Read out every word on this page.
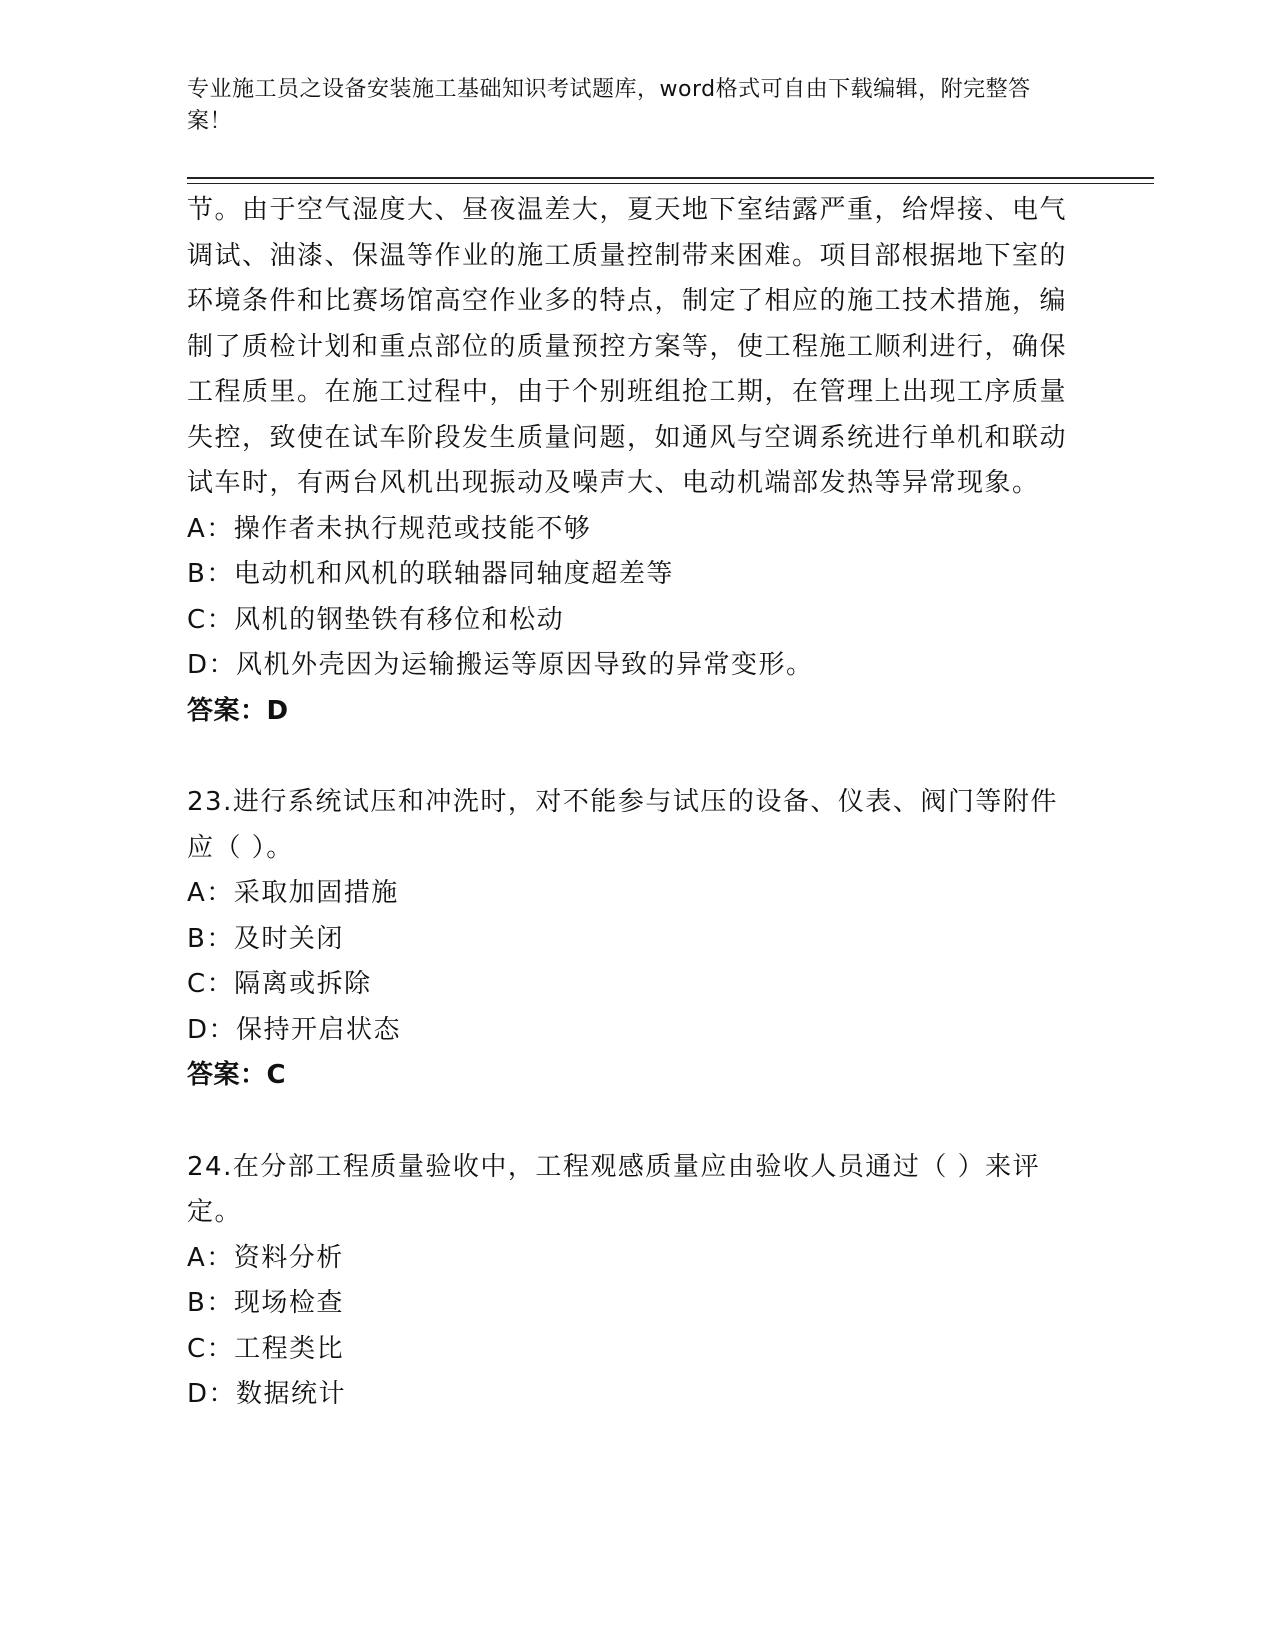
专业施工员之设备安装施工基础知识考试题库，word格式可自由下载编辑，附完整答案！

节。由于空气湿度大、昼夜温差大，夏天地下室结露严重，给焊接、电气调试、油漆、保温等作业的施工质量控制带来困难。项目部根据地下室的环境条件和比赛场馆高空作业多的特点，制定了相应的施工技术措施，编制了质检计划和重点部位的质量预控方案等，使工程施工顺利进行，确保工程质里。在施工过程中，由于个别班组抢工期，在管理上出现工序质量失控，致使在试车阶段发生质量问题，如通风与空调系统进行单机和联动试车时，有两台风机出现振动及噪声大、电动机端部发热等异常现象。

A：操作者未执行规范或技能不够

B：电动机和风机的联轴器同轴度超差等

C：风机的钢垫铁有移位和松动

D：风机外壳因为运输搬运等原因导致的异常变形。

答案：D

23.进行系统试压和冲洗时，对不能参与试压的设备、仪表、阀门等附件应（ ）。

A：采取加固措施

B：及时关闭

C：隔离或拆除

D：保持开启状态

答案：C

24.在分部工程质量验收中，工程观感质量应由验收人员通过（ ）来评定。

A：资料分析

B：现场检查

C：工程类比

D：数据统计
